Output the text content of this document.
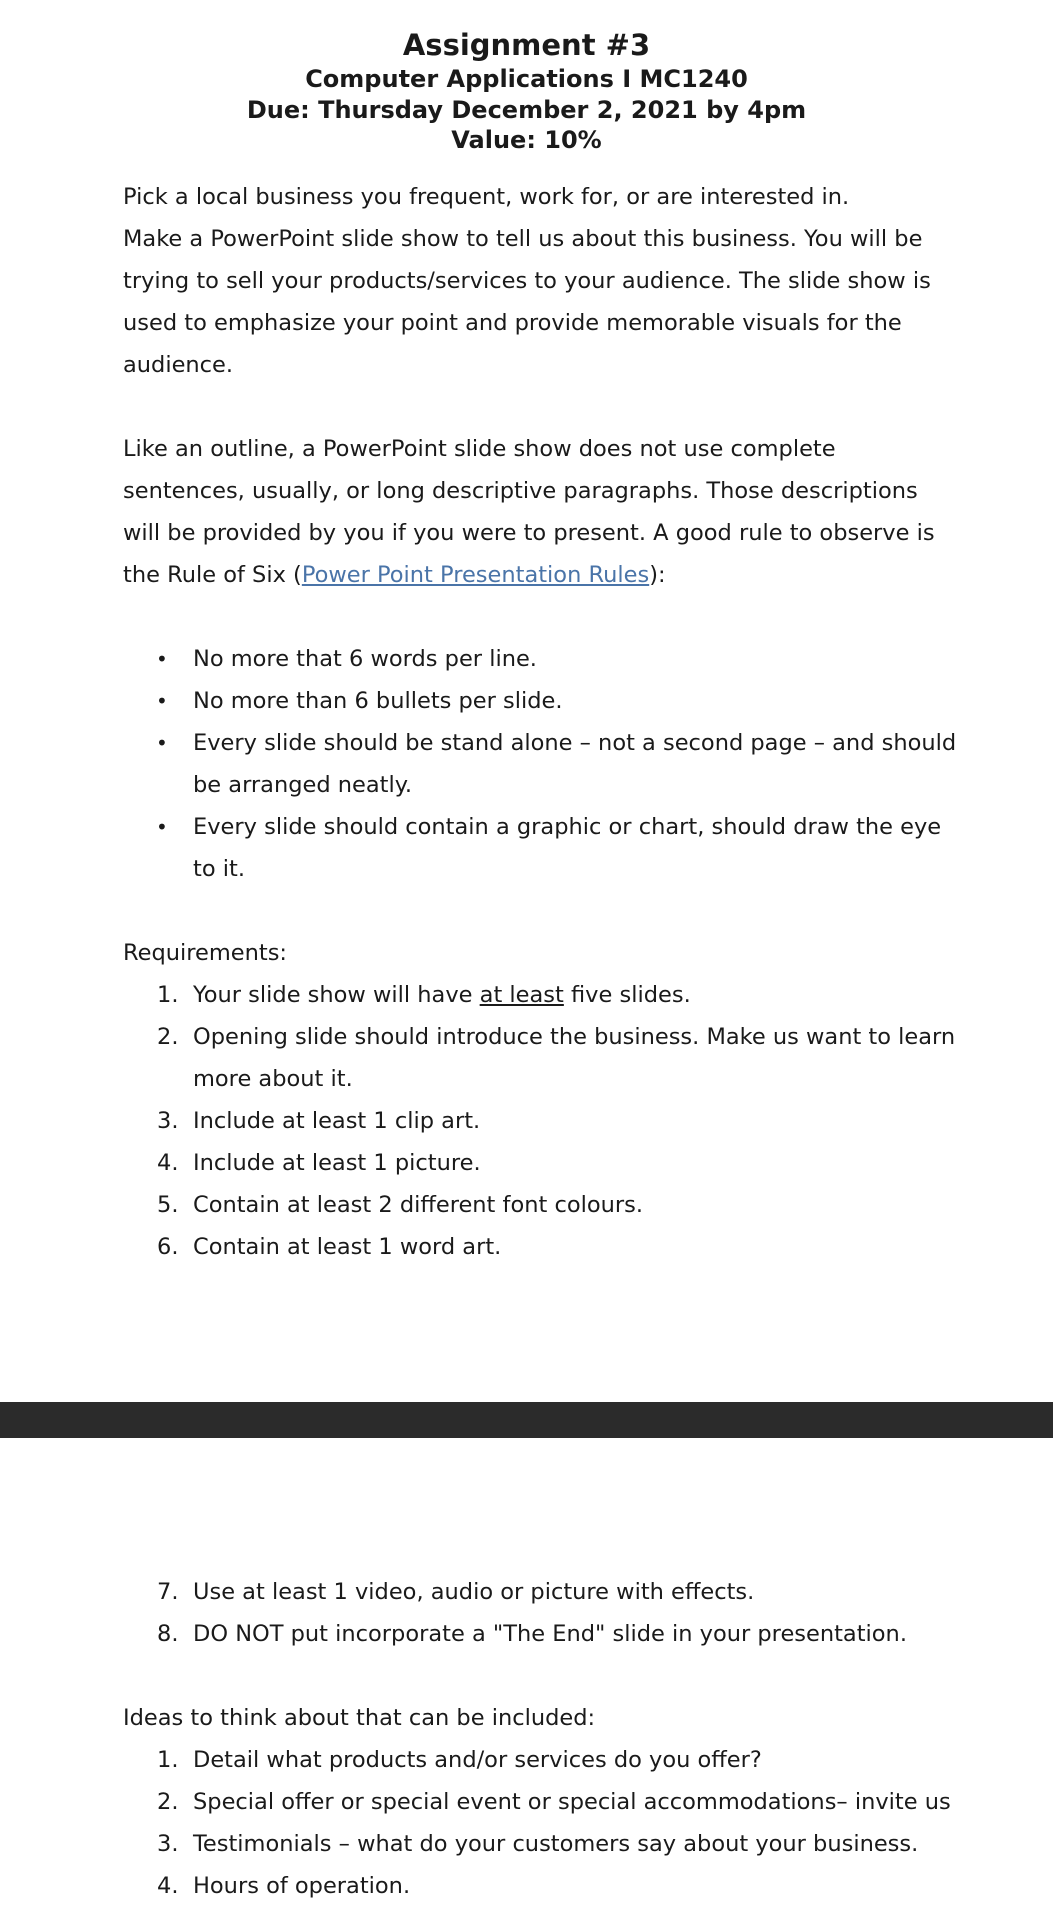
Assignment #3
Computer Applications I MC1240
Due: Thursday December 2, 2021 by 4pm
Value: 10%

Pick a local business you frequent, work for, or are interested in.

Make a PowerPoint slide show to tell us about this business. You will be

trying to sell your products/services to your audience. The slide show is

used to emphasize your point and provide memorable visuals for the

audience.

Like an outline, a PowerPoint slide show does not use complete

sentences, usually, or long descriptive paragraphs. Those descriptions

will be provided by you if you were to present. A good rule to observe is

the Rule of Six (Power Point Presentation Rules):

• No more that 6 words per line.
• No more than 6 bullets per slide.
• Every slide should be stand alone – not a second page – and should
be arranged neatly.
• Every slide should contain a graphic or chart, should draw the eye
to it.

Requirements:

1. Your slide show will have at least five slides.
2. Opening slide should introduce the business. Make us want to learn
more about it.
3. Include at least 1 clip art.
4. Include at least 1 picture.
5. Contain at least 2 different font colours.
6. Contain at least 1 word art.
7. Use at least 1 video, audio or picture with effects.
8. DO NOT put incorporate a "The End" slide in your presentation.

Ideas to think about that can be included:

1. Detail what products and/or services do you offer?
2. Special offer or special event or special accommodations– invite us
3. Testimonials – what do your customers say about your business.
4. Hours of operation.
